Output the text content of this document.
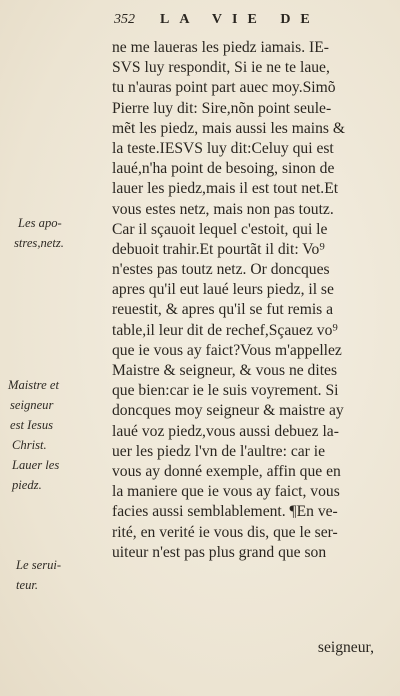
352 LA VIE DE
ne me laueras les piedz iamais. IE-
SVS luy respondit, Si ie ne te laue,
tu n'auras point part auec moy.Simõ
Pierre luy dit: Sire,nõn point seule-
mẽt les piedz, mais aussi les mains &
la teste.IESVS luy dit:Celuy qui est
laué,n'ha point de besoing, sinon de
lauer les piedz,mais il est tout net.Et
vous estes netz, mais non pas toutz.
Car il sçauoit lequel c'estoit, qui le
debuoit trahir.Et pourtãt il dit: Vo⁹
n'estes pas toutz netz. Or doncques
apres qu'il eut laué leurs piedz, il se
reuestit, & apres qu'il se fut remis a
table,il leur dit de rechef,Sçauez vo⁹
que ie vous ay faict?Vous m'appellez
Maistre & seigneur, & vous ne dites
que bien:car ie le suis voyrement. Si
doncques moy seigneur & maistre ay
laué voz piedz,vous aussi debuez la-
uer les piedz l'vn de l'aultre: car ie
vous ay donné exemple, affin que en
la maniere que ie vous ay faict, vous
facies aussi semblablement. ¶En ve-
rité, en verité ie vous dis, que le ser-
uiteur n'est pas plus grand que son
seigneur,
Les apo-
stres,netz.
Maistre et
seigneur
est Iesus
Christ.
Lauer les
piedz.
Le serui-
teur.
